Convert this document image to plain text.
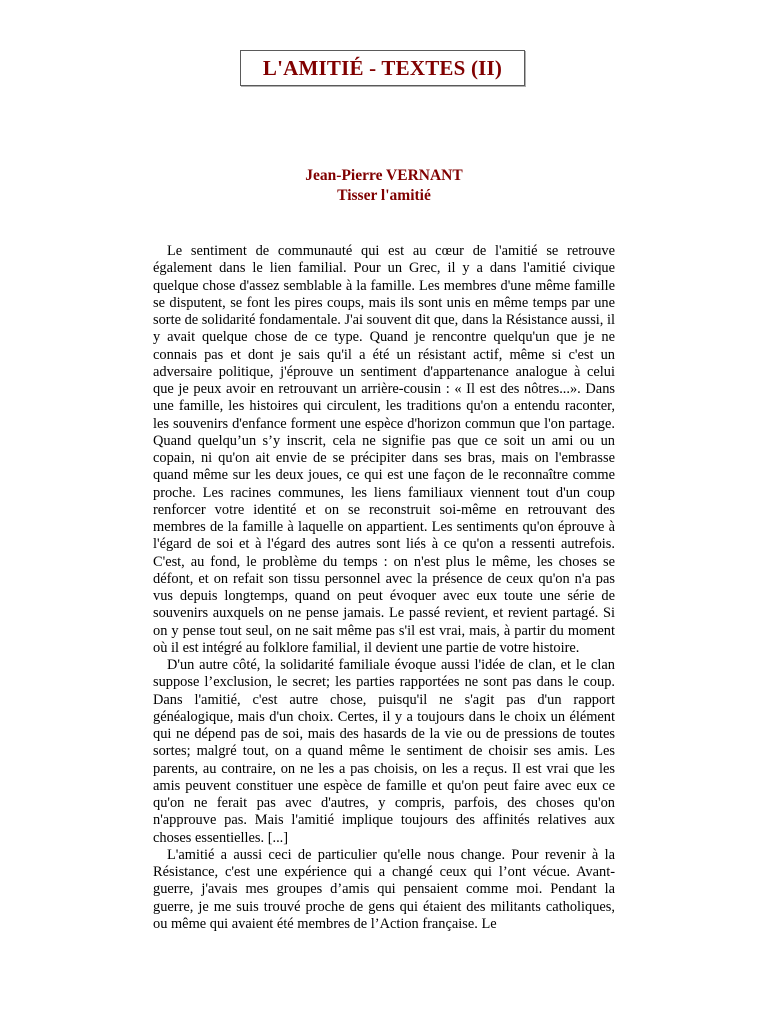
L'AMITIÉ - TEXTES (II)
Jean-Pierre VERNANT
Tisser l'amitié

Le sentiment de communauté qui est au cœur de l'amitié se retrouve également dans le lien familial. Pour un Grec, il y a dans l'amitié civique quelque chose d'assez semblable à la famille. Les membres d'une même famille se disputent, se font les pires coups, mais ils sont unis en même temps par une sorte de solidarité fondamentale. J'ai souvent dit que, dans la Résistance aussi, il y avait quelque chose de ce type. Quand je rencontre quelqu'un que je ne connais pas et dont je sais qu'il a été un résistant actif, même si c'est un adversaire politique, j'éprouve un sentiment d'appartenance analogue à celui que je peux avoir en retrouvant un arrière-cousin : « Il est des nôtres...». Dans une famille, les histoires qui circulent, les traditions qu'on a entendu raconter, les souvenirs d'enfance forment une espèce d'horizon commun que l'on partage. Quand quelqu’un s’y inscrit, cela ne signifie pas que ce soit un ami ou un copain, ni qu'on ait envie de se précipiter dans ses bras, mais on l'embrasse quand même sur les deux joues, ce qui est une façon de le reconnaître comme proche. Les racines communes, les liens familiaux viennent tout d'un coup renforcer votre identité et on se reconstruit soi-même en retrouvant des membres de la famille à laquelle on appartient. Les sentiments qu'on éprouve à l'égard de soi et à l'égard des autres sont liés à ce qu'on a ressenti autrefois. C'est, au fond, le problème du temps : on n'est plus le même, les choses se défont, et on refait son tissu personnel avec la présence de ceux qu'on n'a pas vus depuis longtemps, quand on peut évoquer avec eux toute une série de souvenirs auxquels on ne pense jamais. Le passé revient, et revient partagé. Si on y pense tout seul, on ne sait même pas s'il est vrai, mais, à partir du moment où il est intégré au folklore familial, il devient une partie de votre histoire.

D'un autre côté, la solidarité familiale évoque aussi l'idée de clan, et le clan suppose l’exclusion, le secret; les parties rapportées ne sont pas dans le coup. Dans l'amitié, c'est autre chose, puisqu'il ne s'agit pas d'un rapport généalogique, mais d'un choix. Certes, il y a toujours dans le choix un élément qui ne dépend pas de soi, mais des hasards de la vie ou de pressions de toutes sortes; malgré tout, on a quand même le sentiment de choisir ses amis. Les parents, au contraire, on ne les a pas choisis, on les a reçus. Il est vrai que les amis peuvent constituer une espèce de famille et qu'on peut faire avec eux ce qu'on ne ferait pas avec d'autres, y compris, parfois, des choses qu'on n'approuve pas. Mais l'amitié implique toujours des affinités relatives aux choses essentielles. [...]

L'amitié a aussi ceci de particulier qu'elle nous change. Pour revenir à la Résistance, c'est une expérience qui a changé ceux qui l’ont vécue. Avant-guerre, j'avais mes groupes d’amis qui pensaient comme moi. Pendant la guerre, je me suis trouvé proche de gens qui étaient des militants catholiques, ou même qui avaient été membres de l’Action française. Le
